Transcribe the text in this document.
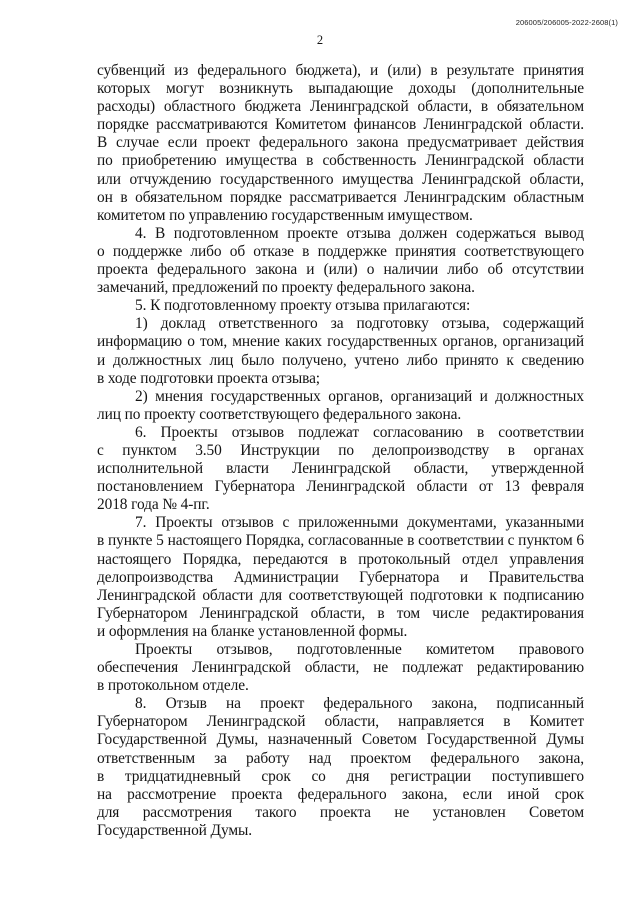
206005/206005-2022-2608(1)
2
субвенций из федерального бюджета), и (или) в результате принятия
которых могут возникнуть выпадающие доходы (дополнительные
расходы) областного бюджета Ленинградской области, в обязательном
порядке рассматриваются Комитетом финансов Ленинградской области.
В случае если проект федерального закона предусматривает действия
по приобретению имущества в собственность Ленинградской области
или отчуждению государственного имущества Ленинградской области,
он в обязательном порядке рассматривается Ленинградским областным
комитетом по управлению государственным имуществом.
4. В подготовленном проекте отзыва должен содержаться вывод
о поддержке либо об отказе в поддержке принятия соответствующего
проекта федерального закона и (или) о наличии либо об отсутствии
замечаний, предложений по проекту федерального закона.
5. К подготовленному проекту отзыва прилагаются:
1) доклад ответственного за подготовку отзыва, содержащий
информацию о том, мнение каких государственных органов, организаций
и должностных лиц было получено, учтено либо принято к сведению
в ходе подготовки проекта отзыва;
2) мнения государственных органов, организаций и должностных
лиц по проекту соответствующего федерального закона.
6. Проекты отзывов подлежат согласованию в соответствии
с пунктом 3.50 Инструкции по делопроизводству в органах
исполнительной власти Ленинградской области, утвержденной
постановлением Губернатора Ленинградской области от 13 февраля
2018 года № 4-пг.
7. Проекты отзывов с приложенными документами, указанными
в пункте 5 настоящего Порядка, согласованные в соответствии с пунктом 6
настоящего Порядка, передаются в протокольный отдел управления
делопроизводства Администрации Губернатора и Правительства
Ленинградской области для соответствующей подготовки к подписанию
Губернатором Ленинградской области, в том числе редактирования
и оформления на бланке установленной формы.
Проекты отзывов, подготовленные комитетом правового
обеспечения Ленинградской области, не подлежат редактированию
в протокольном отделе.
8. Отзыв на проект федерального закона, подписанный
Губернатором Ленинградской области, направляется в Комитет
Государственной Думы, назначенный Советом Государственной Думы
ответственным за работу над проектом федерального закона,
в тридцатидневный срок со дня регистрации поступившего
на рассмотрение проекта федерального закона, если иной срок
для рассмотрения такого проекта не установлен Советом
Государственной Думы.
